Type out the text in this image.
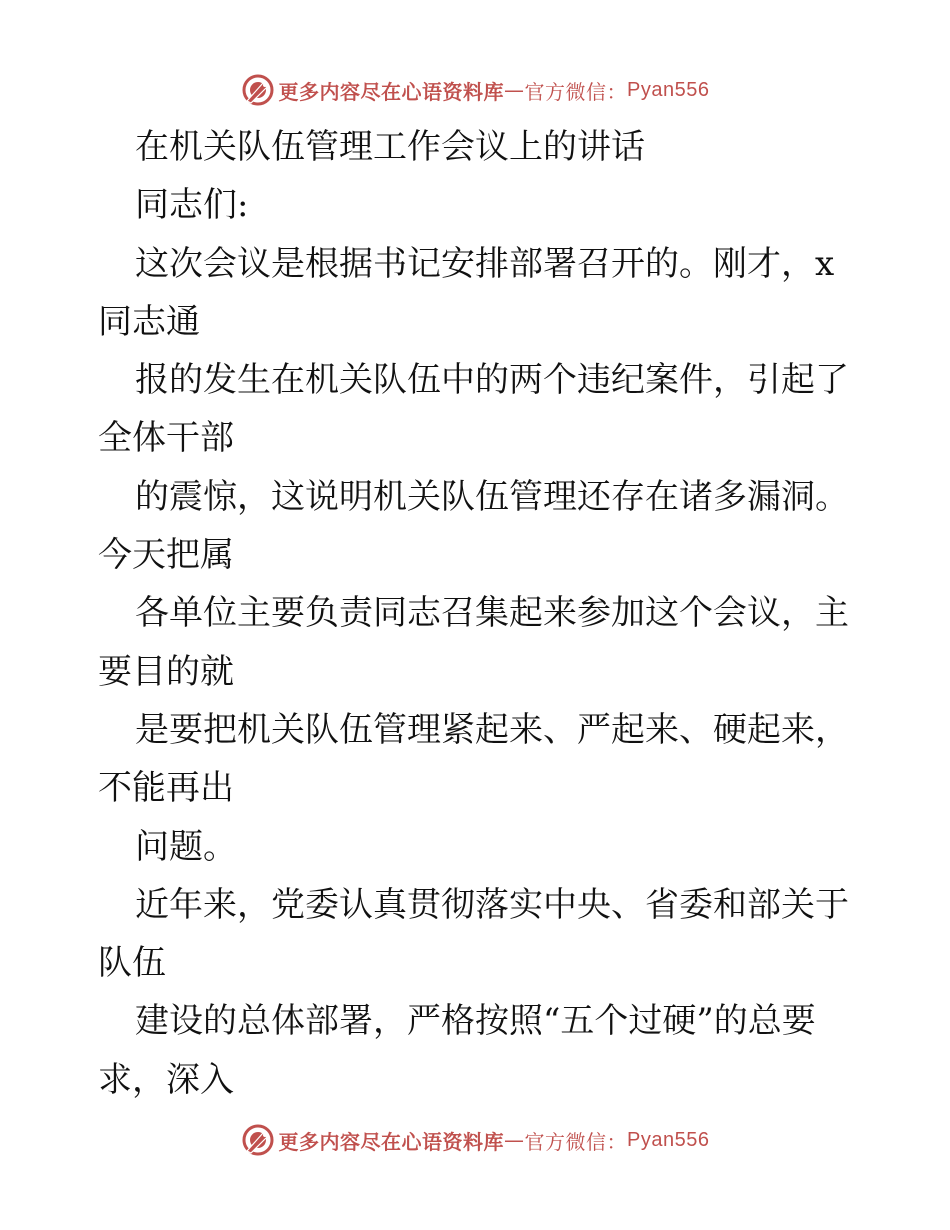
更多内容尽在心语资料库 — 官方微信： Pyan556
在机关队伍管理工作会议上的讲话
同志们:
这次会议是根据书记安排部署召开的。刚才，x
同志通
报的发生在机关队伍中的两个违纪案件，引起了
全体干部
的震惊，这说明机关队伍管理还存在诸多漏洞。
今天把属
各单位主要负责同志召集起来参加这个会议，主
要目的就
是要把机关队伍管理紧起来、严起来、硬起来，
不能再出
问题。
近年来，党委认真贯彻落实中央、省委和部关于
队伍
建设的总体部署，严格按照“五个过硬”的总要
求，深入
更多内容尽在心语资料库 — 官方微信： Pyan556
